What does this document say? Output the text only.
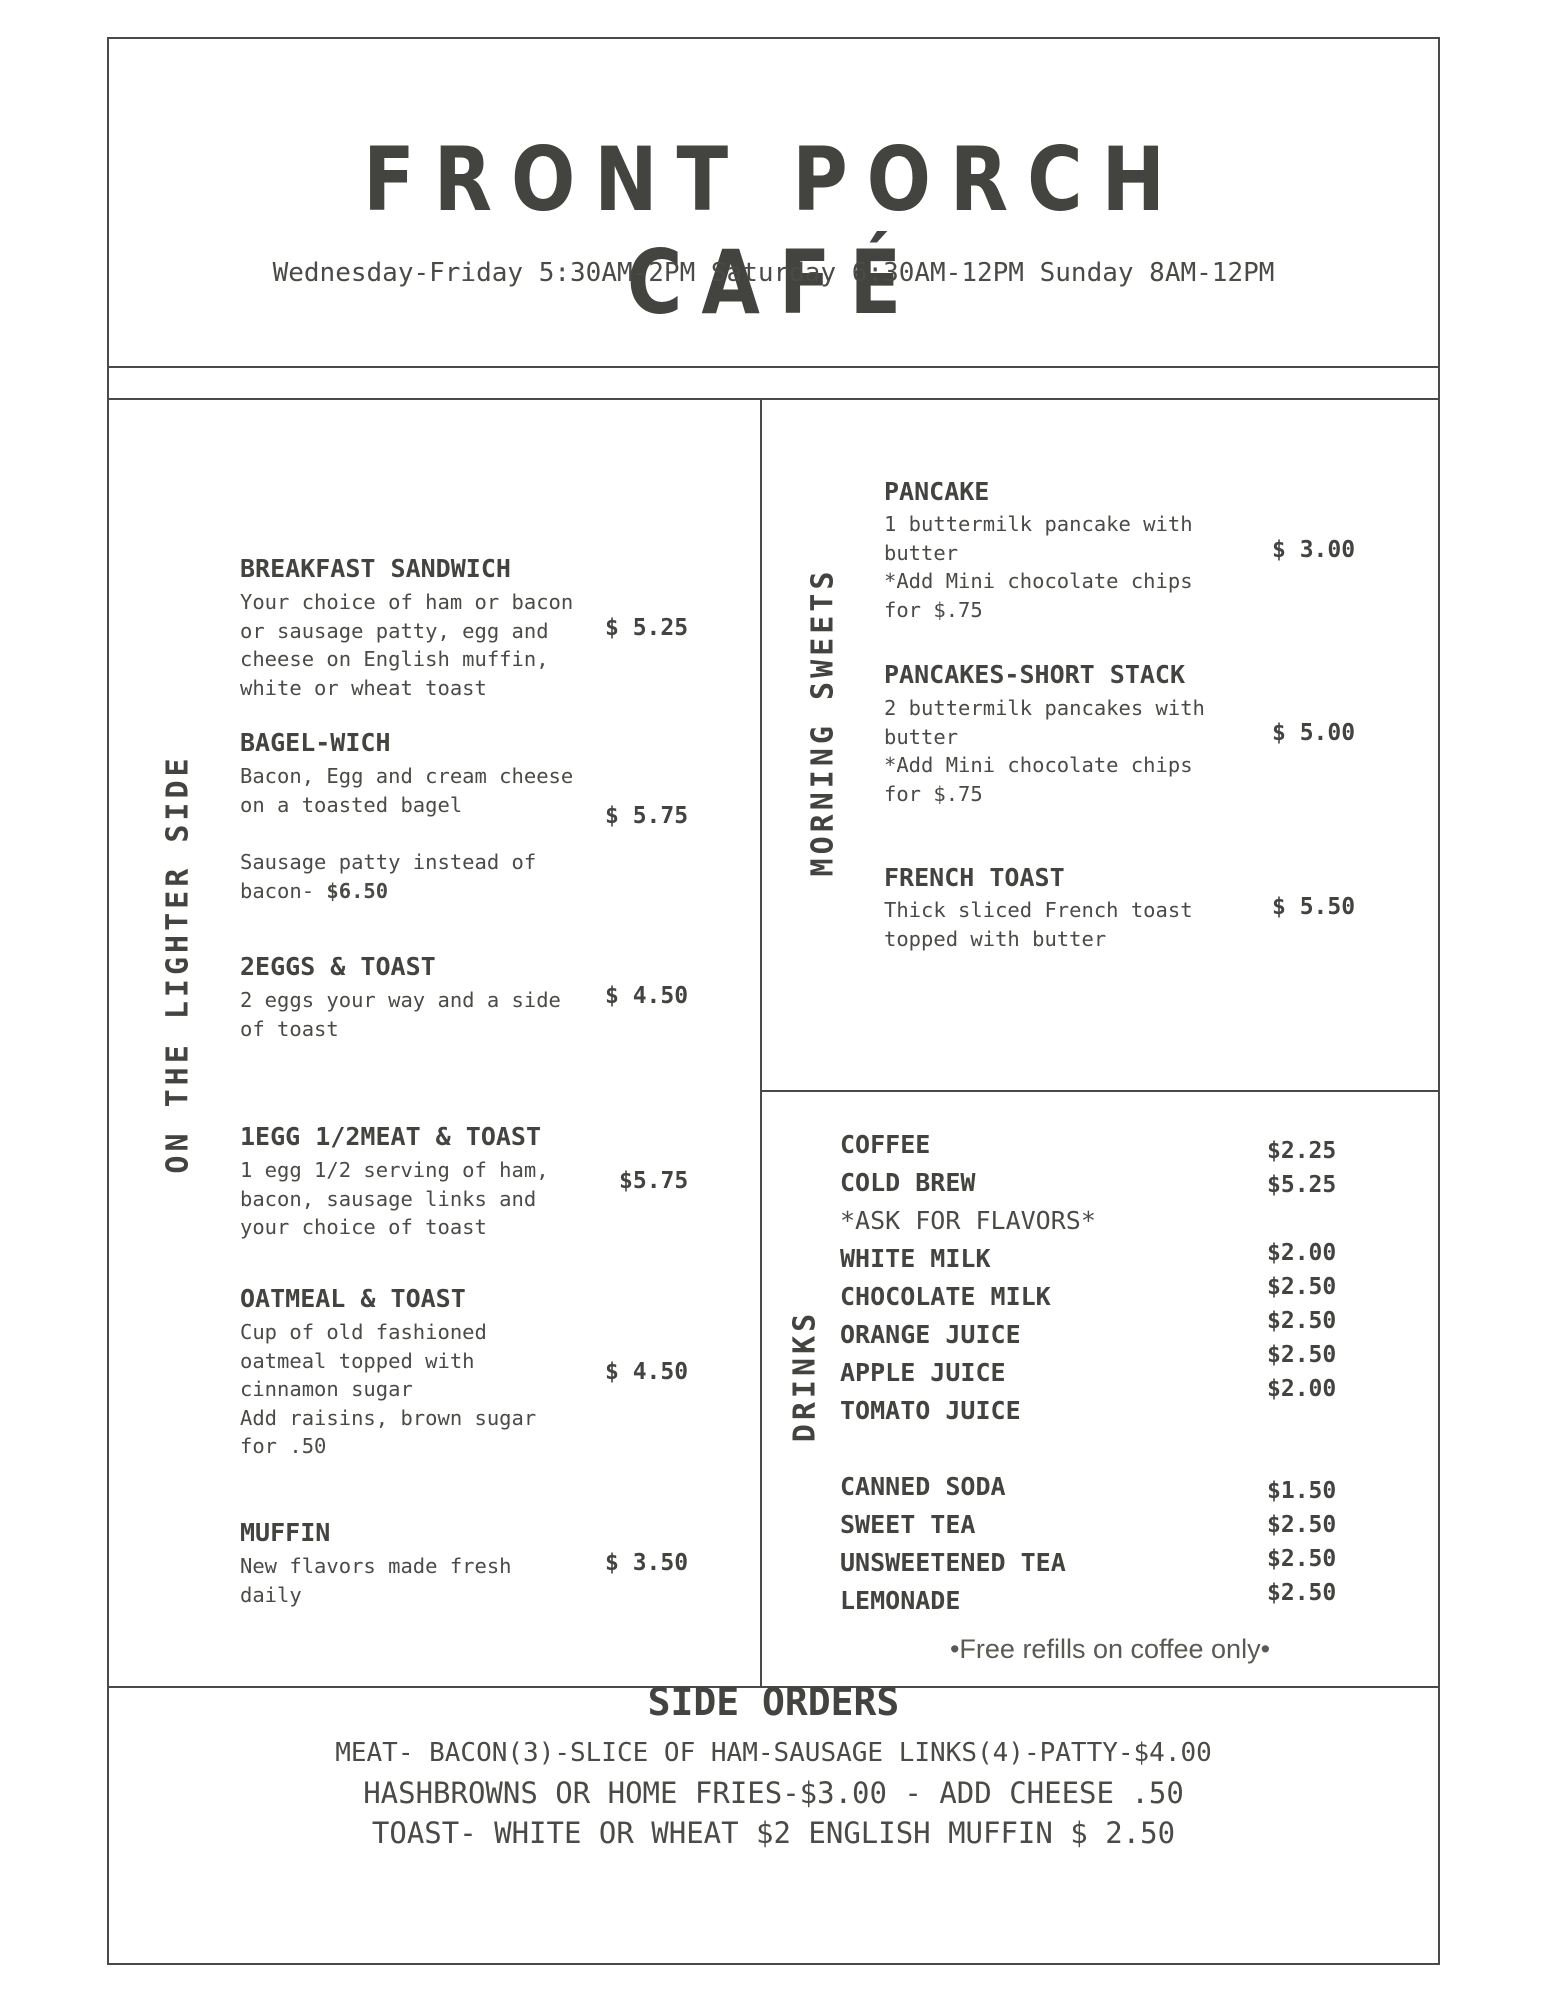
FRONT PORCH CAFÉ
Wednesday-Friday 5:30AM-2PM Saturday 6:30AM-12PM Sunday 8AM-12PM
ON THE LIGHTER SIDE
MORNING SWEETS
DRINKS
BREAKFAST SANDWICH
Your choice of ham or bacon
or sausage patty, egg and
cheese on English muffin,
white or wheat toast
$ 5.25
BAGEL-WICH
Bacon, Egg and cream cheese
on a toasted bagel
Sausage patty instead of
bacon- $6.50
$ 5.75
2EGGS & TOAST
2 eggs your way and a side
of toast
$ 4.50
1EGG 1/2MEAT & TOAST
1 egg 1/2 serving of ham,
bacon, sausage links and
your choice of toast
$5.75
OATMEAL & TOAST
Cup of old fashioned
oatmeal topped with
cinnamon sugar
Add raisins, brown sugar
for .50
$ 4.50
MUFFIN
New flavors made fresh
daily
$ 3.50
PANCAKE
1 buttermilk pancake with
butter
*Add Mini chocolate chips
for $.75
$ 3.00
PANCAKES-SHORT STACK
2 buttermilk pancakes with
butter
*Add Mini chocolate chips
for $.75
$ 5.00
FRENCH TOAST
Thick sliced French toast
topped with butter
$ 5.50
COFFEE
COLD BREW
*ASK FOR FLAVORS*
WHITE MILK
CHOCOLATE MILK
ORANGE JUICE
APPLE JUICE
TOMATO JUICE
$2.25
$5.25
$2.00
$2.50
$2.50
$2.50
$2.00
CANNED SODA
SWEET TEA
UNSWEETENED TEA
LEMONADE
$1.50
$2.50
$2.50
$2.50
•Free refills on coffee only•
SIDE ORDERS
MEAT- BACON(3)-SLICE OF HAM-SAUSAGE LINKS(4)-PATTY-$4.00
HASHBROWNS OR HOME FRIES-$3.00 - ADD CHEESE .50
TOAST- WHITE OR WHEAT $2 ENGLISH MUFFIN $ 2.50
